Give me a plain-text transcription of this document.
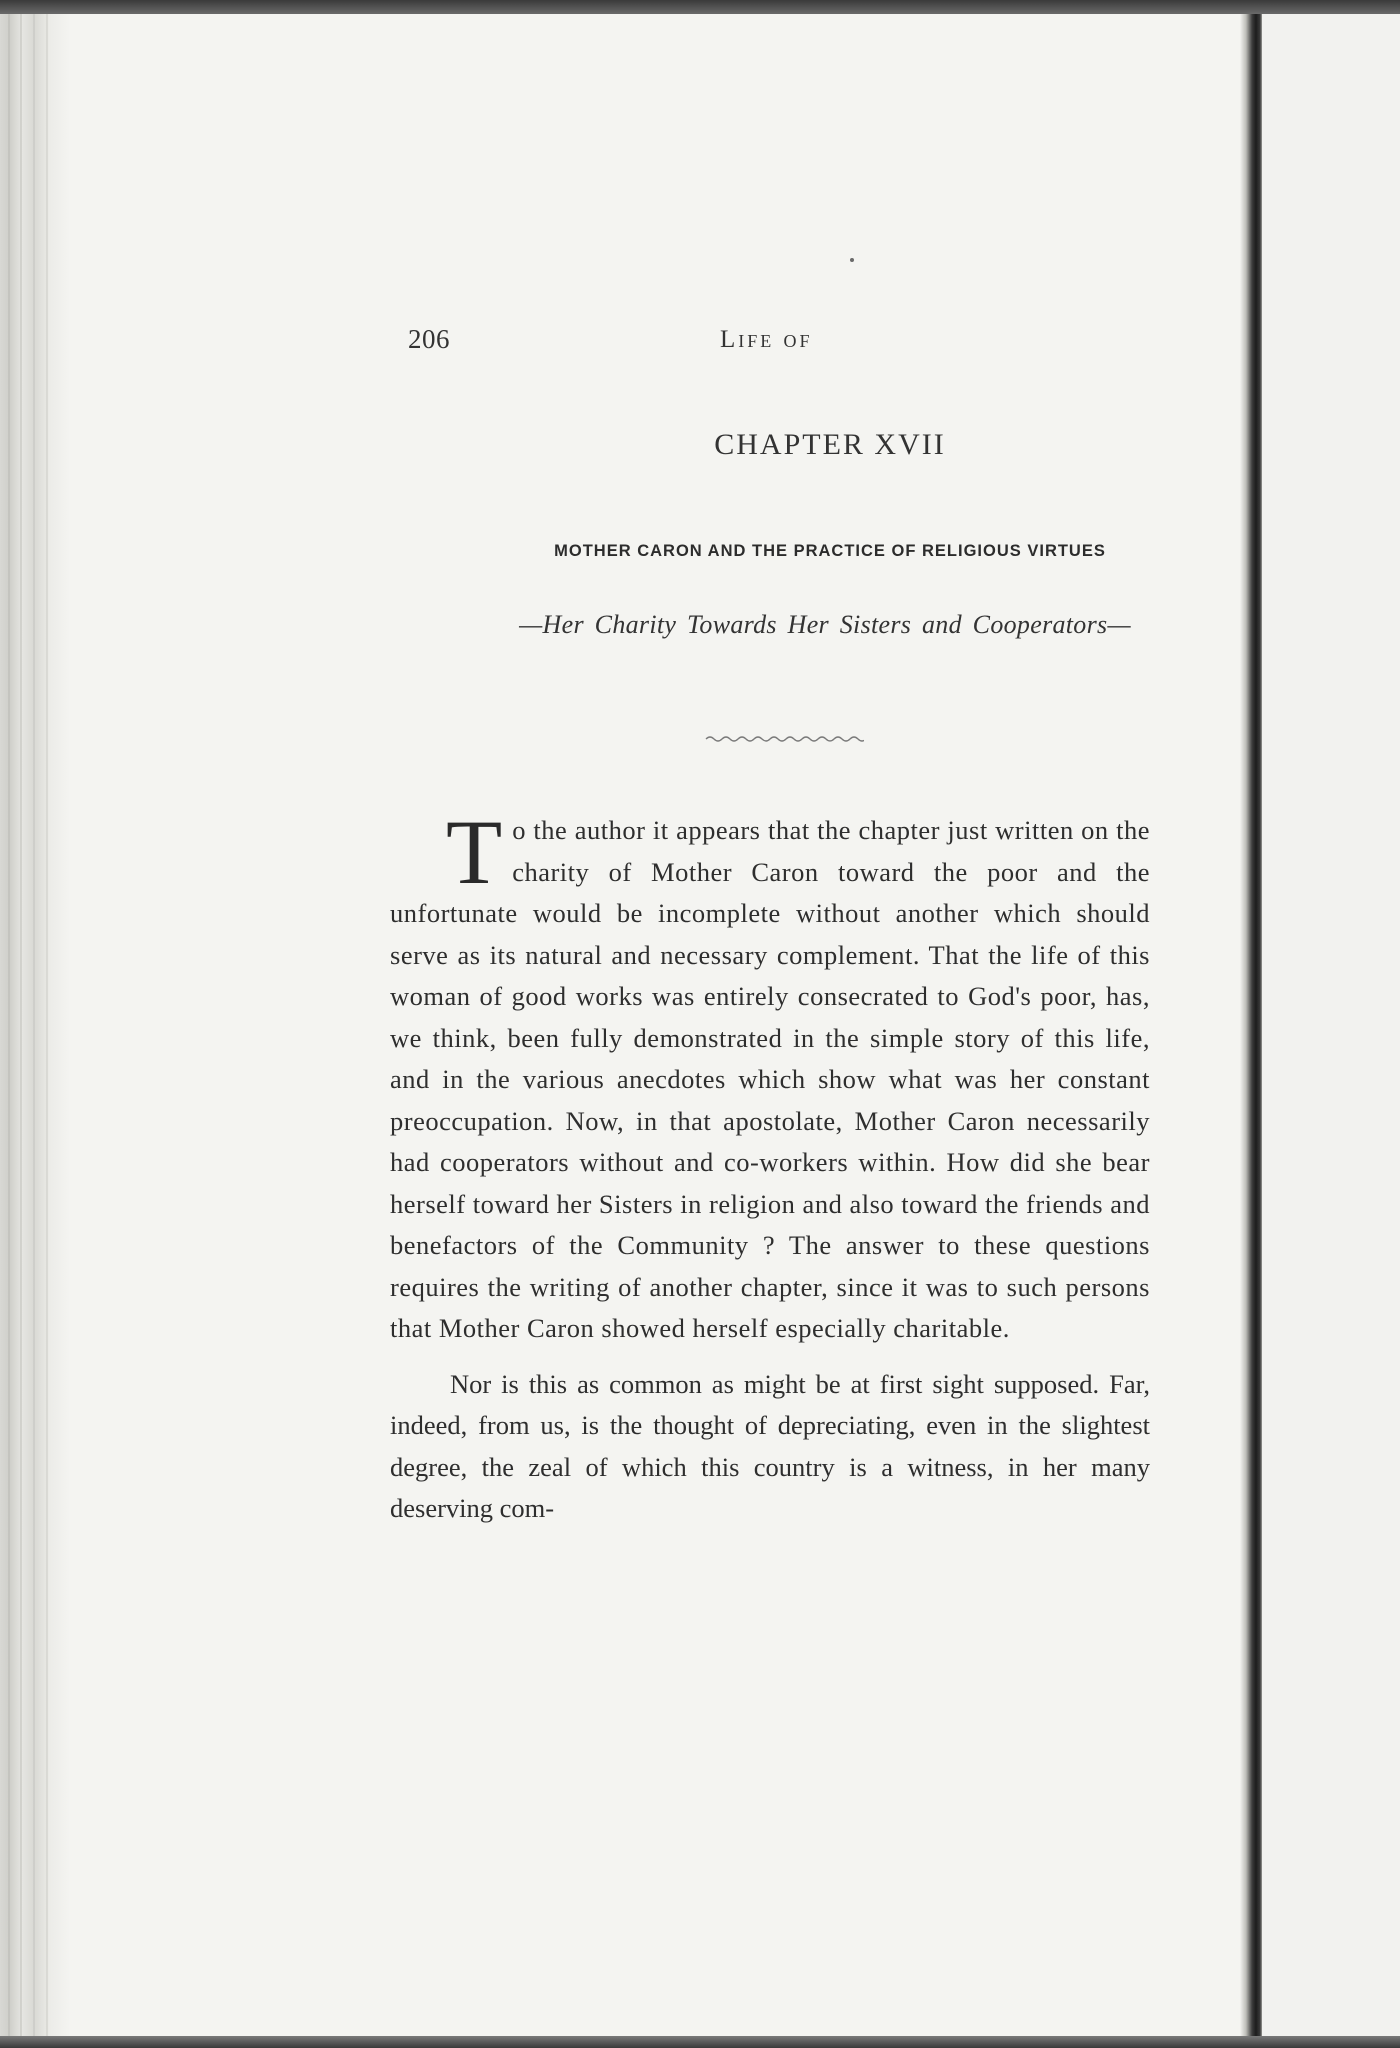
206	Life of
CHAPTER XVII
MOTHER CARON AND THE PRACTICE OF RELIGIOUS VIRTUES
—Her Charity Towards Her Sisters and Cooperators—

To the author it appears that the chapter just written on the charity of Mother Caron toward the poor and the unfortunate would be incomplete without another which should serve as its natural and necessary complement. That the life of this woman of good works was entirely consecrated to God's poor, has, we think, been fully demonstrated in the simple story of this life, and in the various anecdotes which show what was her constant preoccupation. Now, in that apostolate, Mother Caron necessarily had cooperators without and co-workers within. How did she bear herself toward her Sisters in religion and also toward the friends and benefactors of the Community ? The answer to these questions requires the writing of another chapter, since it was to such persons that Mother Caron showed herself especially charitable.

Nor is this as common as might be at first sight supposed. Far, indeed, from us, is the thought of depreciating, even in the slightest degree, the zeal of which this country is a witness, in her many deserving com-
